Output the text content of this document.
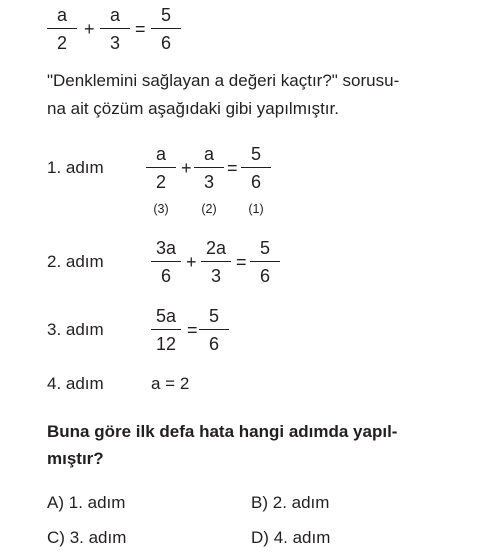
a
2
+
a
3
=
5
6
"Denklemini sağlayan a değeri kaçtır?" sorusu-
na ait çözüm aşağıdaki gibi yapılmıştır.
1. adım
a
2
+
a
3
=
5
6
(3)	(2)	(1)
2. adım
3a
6
+
2a
3
=
5
6
3. adım
5a
12
=
5
6
4. adım	a = 2
Buna göre ilk defa hata hangi adımda yapıl-
mıştır?
A) 1. adım	B) 2. adım
C) 3. adım	D) 4. adım
